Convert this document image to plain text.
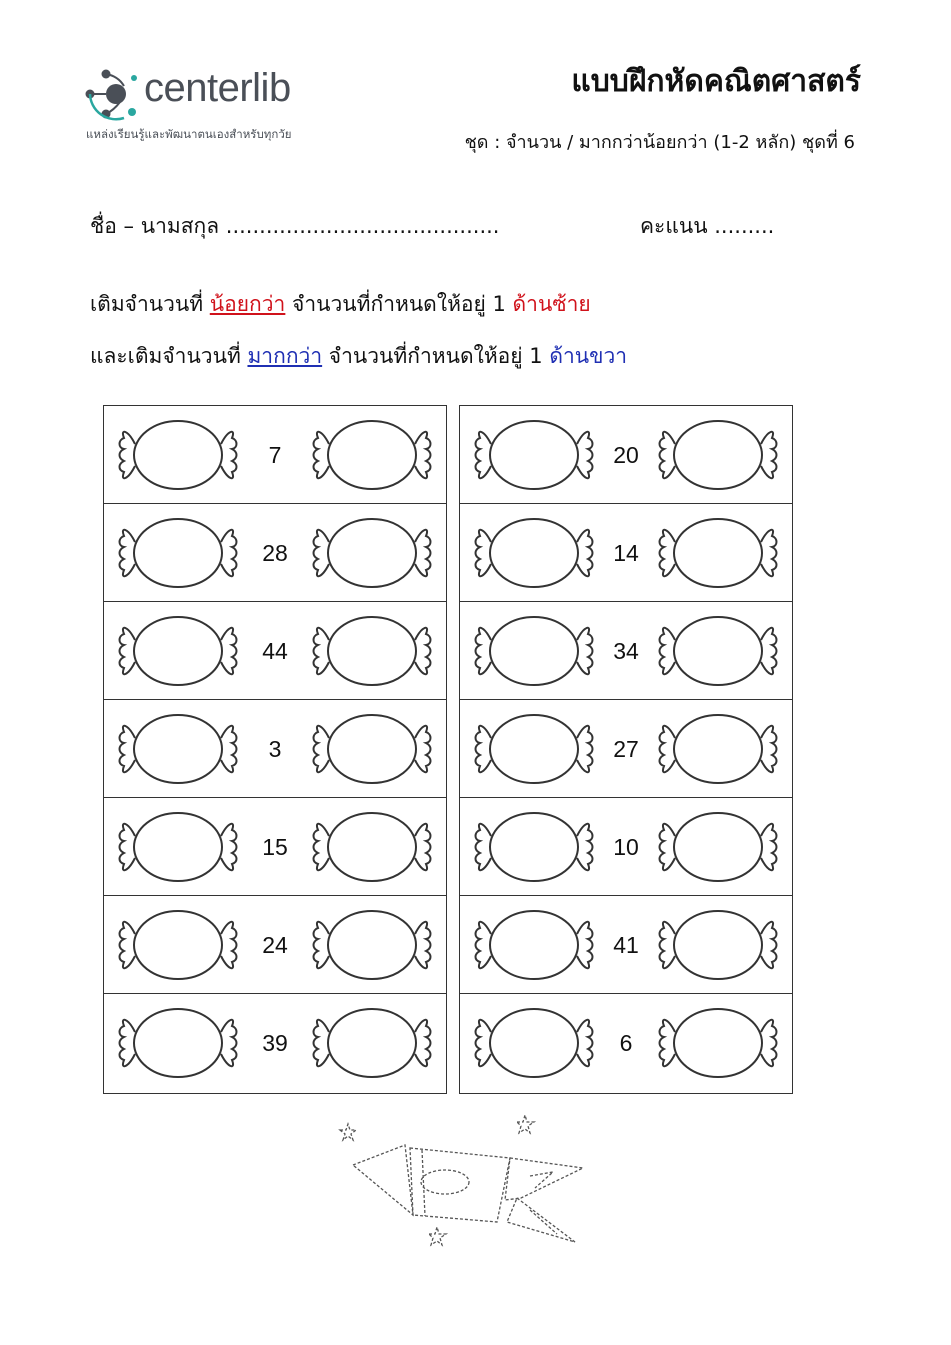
centerlib
แหล่งเรียนรู้และพัฒนาตนเองสำหรับทุกวัย
แบบฝึกหัดคณิตศาสตร์
ชุด : จำนวน / มากกว่าน้อยกว่า (1-2 หลัก) ชุดที่ 6
ชื่อ – นามสกุล .........................................	คะแนน .........
เติมจำนวนที่ น้อยกว่า จำนวนที่กำหนดให้อยู่ 1 ด้านซ้าย
และเติมจำนวนที่ มากกว่า จำนวนที่กำหนดให้อยู่ 1 ด้านขวา
7
28
44
3
15
24
39
20
14
34
27
10
41
6
